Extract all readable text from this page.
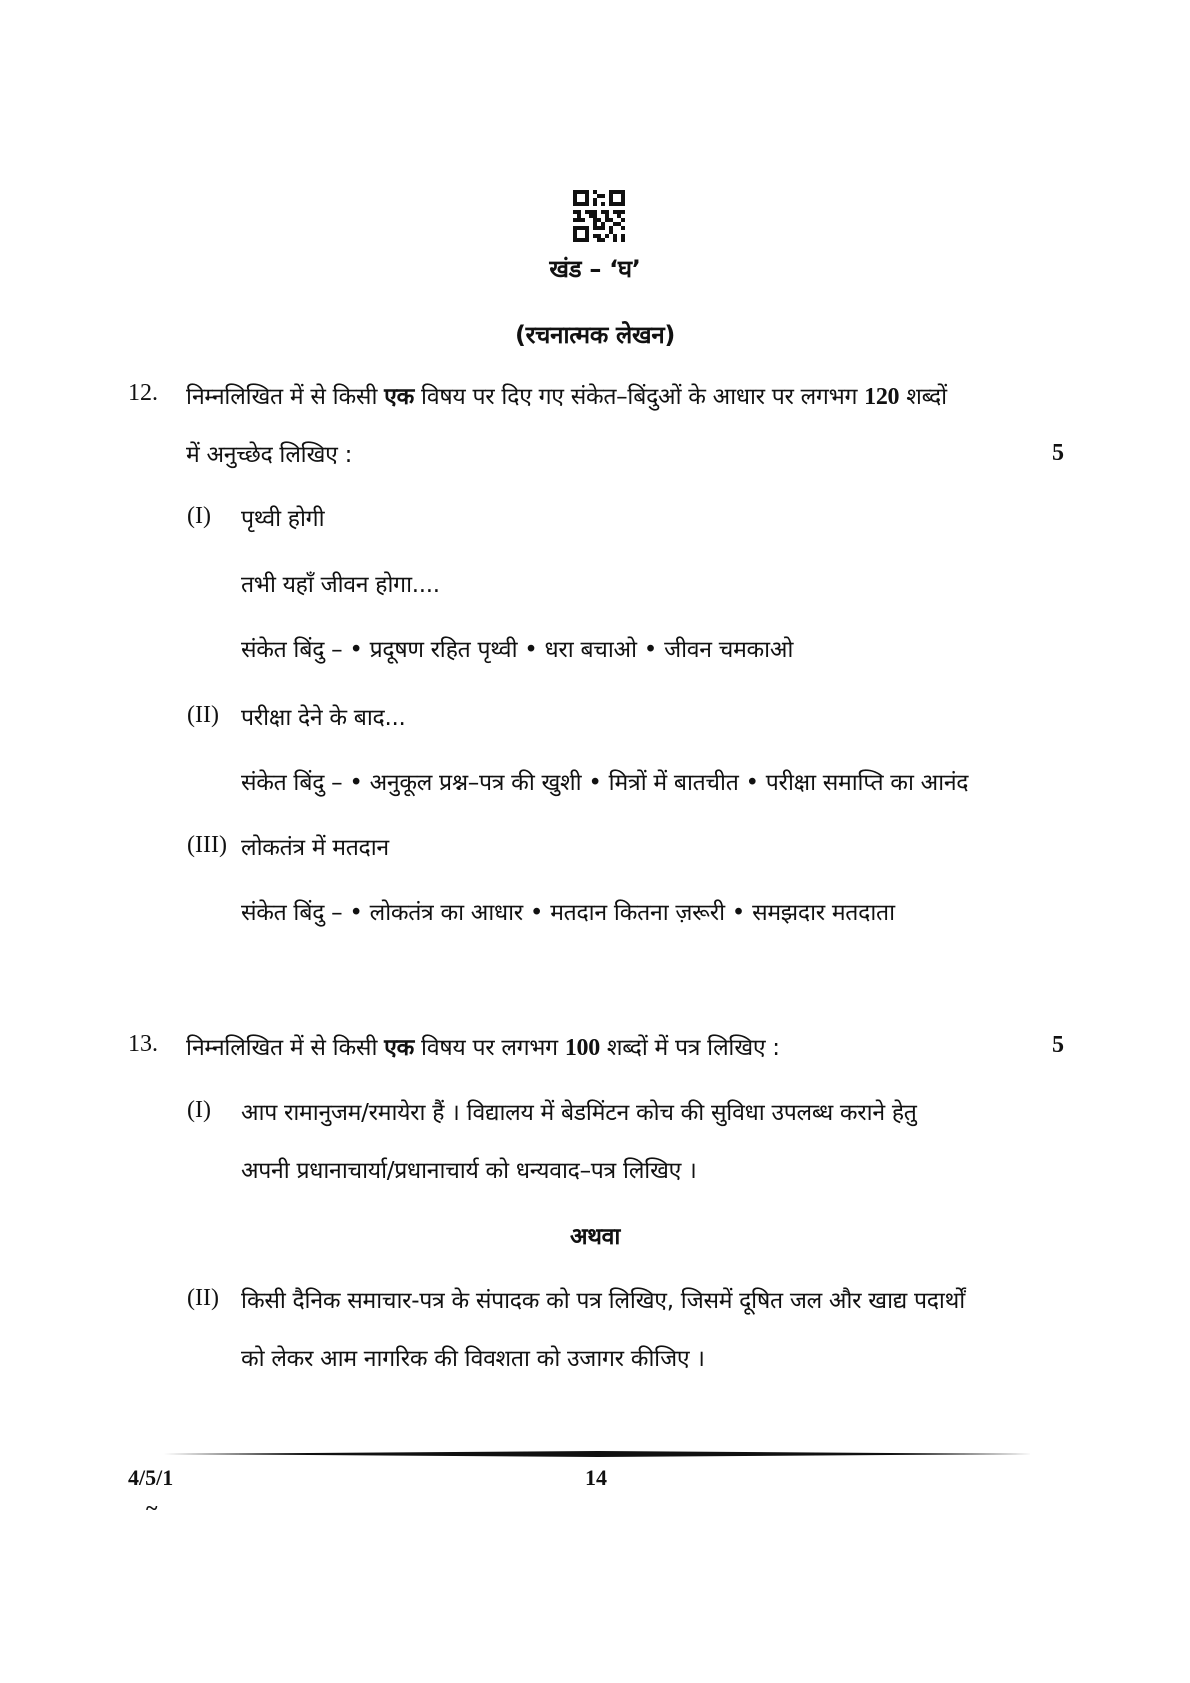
खंड – ‘घ’
(रचनात्मक लेखन)
12. निम्नलिखित में से किसी एक विषय पर दिए गए संकेत–बिंदुओं के आधार पर लगभग 120 शब्दों
में अनुच्छेद लिखिए :	5
(I) पृथ्वी होगी
तभी यहाँ जीवन होगा....
संकेत बिंदु – • प्रदूषण रहित पृथ्वी • धरा बचाओ • जीवन चमकाओ
(II) परीक्षा देने के बाद...
संकेत बिंदु – • अनुकूल प्रश्न–पत्र की खुशी • मित्रों में बातचीत • परीक्षा समाप्ति का आनंद
(III) लोकतंत्र में मतदान
संकेत बिंदु – • लोकतंत्र का आधार • मतदान कितना ज़रूरी • समझदार मतदाता
13. निम्नलिखित में से किसी एक विषय पर लगभग 100 शब्दों में पत्र लिखिए :	5
(I) आप रामानुजम/रमायेरा हैं । विद्यालय में बेडमिंटन कोच की सुविधा उपलब्ध कराने हेतु
अपनी प्रधानाचार्या/प्रधानाचार्य को धन्यवाद–पत्र लिखिए ।
अथवा
(II) किसी दैनिक समाचार-पत्र के संपादक को पत्र लिखिए, जिसमें दूषित जल और खाद्य पदार्थों
को लेकर आम नागरिक की विवशता को उजागर कीजिए ।
4/5/1	14
~
